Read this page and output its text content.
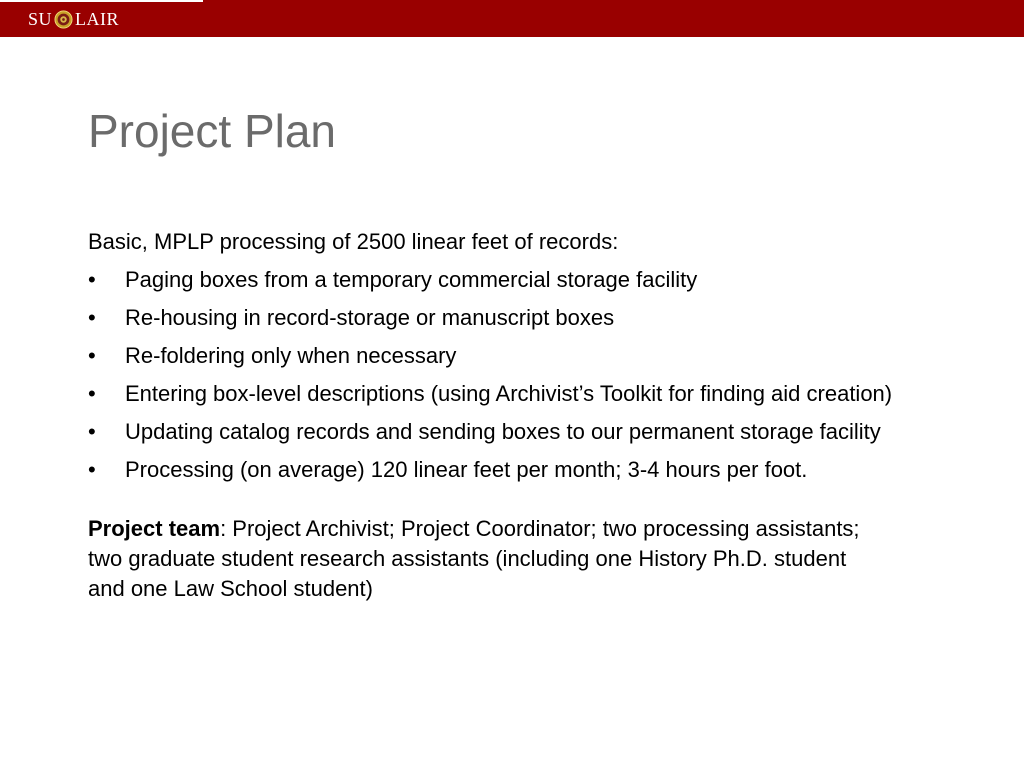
SU LAIR
Project Plan

Basic, MPLP processing of 2500 linear feet of records:

• Paging boxes from a temporary commercial storage facility
• Re-housing in record-storage or manuscript boxes
• Re-foldering only when necessary
• Entering box-level descriptions (using Archivist’s Toolkit for finding aid creation)
• Updating catalog records and sending boxes to our permanent storage facility
• Processing (on average) 120 linear feet per month; 3-4 hours per foot.

Project team: Project Archivist; Project Coordinator; two processing assistants; two graduate student research assistants (including one History Ph.D. student and one Law School student)
